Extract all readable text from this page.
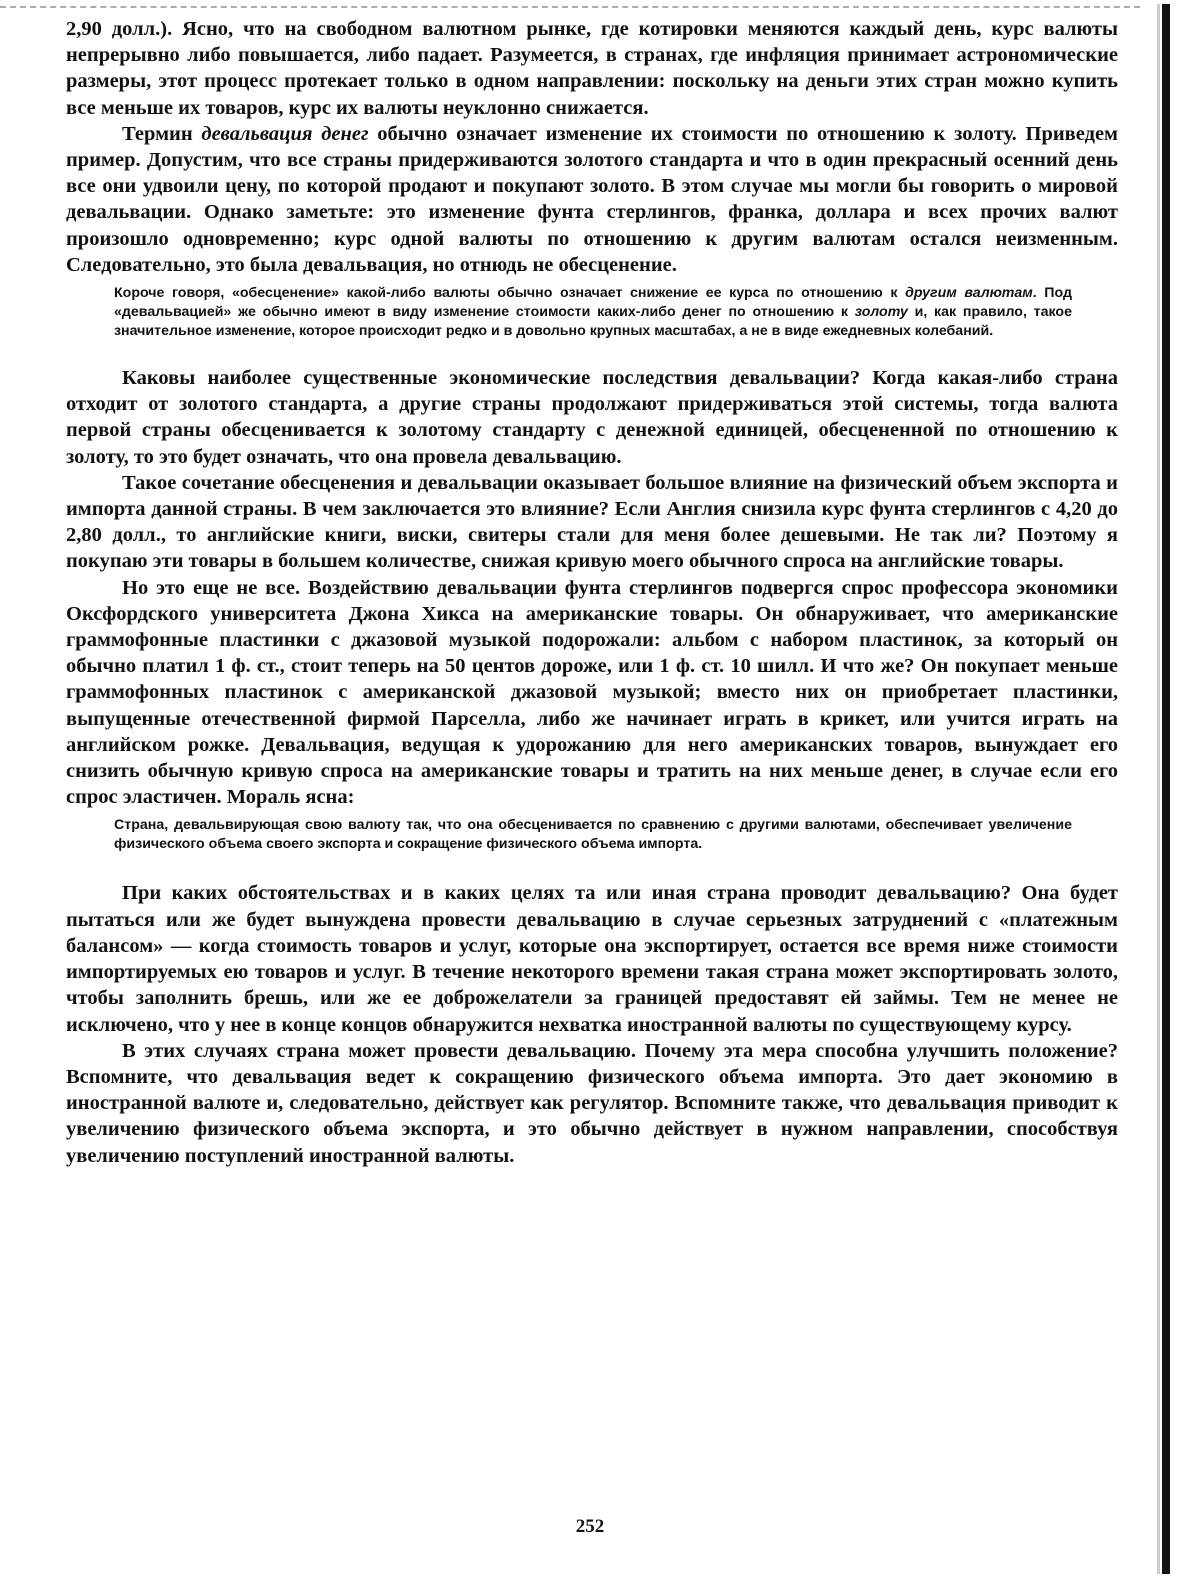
2,90 долл.). Ясно, что на свободном валютном рынке, где котировки меняются каждый день, курс валюты непрерывно либо повышается, либо падает. Разумеется, в странах, где инфляция принимает астрономические размеры, этот процесс протекает только в одном направлении: поскольку на деньги этих стран можно купить все меньше их товаров, курс их валюты неуклонно снижается.

Термин девальвация денег обычно означает изменение их стоимости по отношению к золоту. Приведем пример. Допустим, что все страны придерживаются золотого стандарта и что в один прекрасный осенний день все они удвоили цену, по которой продают и покупают золото. В этом случае мы могли бы говорить о мировой девальвации. Однако заметьте: это изменение фунта стерлингов, франка, доллара и всех прочих валют произошло одновременно; курс одной валюты по отношению к другим валютам остался неизменным. Следовательно, это была девальвация, но отнюдь не обесценение.

Короче говоря, «обесценение» какой-либо валюты обычно означает снижение ее курса по отношению к другим валютам. Под «девальвацией» же обычно имеют в виду изменение стоимости каких-либо денег по отношению к золоту и, как правило, такое значительное изменение, которое происходит редко и в довольно крупных масштабах, а не в виде ежедневных колебаний.

Каковы наиболее существенные экономические последствия девальвации? Когда какая-либо страна отходит от золотого стандарта, а другие страны продолжают придерживаться этой системы, тогда валюта первой страны обесценивается к золотому стандарту с денежной единицей, обесцененной по отношению к золоту, то это будет означать, что она провела девальвацию.

Такое сочетание обесценения и девальвации оказывает большое влияние на физический объем экспорта и импорта данной страны. В чем заключается это влияние? Если Англия снизила курс фунта стерлингов с 4,20 до 2,80 долл., то английские книги, виски, свитеры стали для меня более дешевыми. Не так ли? Поэтому я покупаю эти товары в большем количестве, снижая кривую моего обычного спроса на английские товары.

Но это еще не все. Воздействию девальвации фунта стерлингов подвергся спрос профессора экономики Оксфордского университета Джона Хикса на американские товары. Он обнаруживает, что американские граммофонные пластинки с джазовой музыкой подорожали: альбом с набором пластинок, за который он обычно платил 1 ф. ст., стоит теперь на 50 центов дороже, или 1 ф. ст. 10 шилл. И что же? Он покупает меньше граммофонных пластинок с американской джазовой музыкой; вместо них он приобретает пластинки, выпущенные отечественной фирмой Парселла, либо же начинает играть в крикет, или учится играть на английском рожке. Девальвация, ведущая к удорожанию для него американских товаров, вынуждает его снизить обычную кривую спроса на американские товары и тратить на них меньше денег, в случае если его спрос эластичен. Мораль ясна:

Страна, девальвирующая свою валюту так, что она обесценивается по сравнению с другими валютами, обеспечивает увеличение физического объема своего экспорта и сокращение физического объема импорта.

При каких обстоятельствах и в каких целях та или иная страна проводит девальвацию? Она будет пытаться или же будет вынуждена провести девальвацию в случае серьезных затруднений с «платежным балансом» — когда стоимость товаров и услуг, которые она экспортирует, остается все время ниже стоимости импортируемых ею товаров и услуг. В течение некоторого времени такая страна может экспортировать золото, чтобы заполнить брешь, или же ее доброжелатели за границей предоставят ей займы. Тем не менее не исключено, что у нее в конце концов обнаружится нехватка иностранной валюты по существующему курсу.

В этих случаях страна может провести девальвацию. Почему эта мера способна улучшить положение? Вспомните, что девальвация ведет к сокращению физического объема импорта. Это дает экономию в иностранной валюте и, следовательно, действует как регулятор. Вспомните также, что девальвация приводит к увеличению физического объема экспорта, и это обычно действует в нужном направлении, способствуя увеличению поступлений иностранной валюты.

252
